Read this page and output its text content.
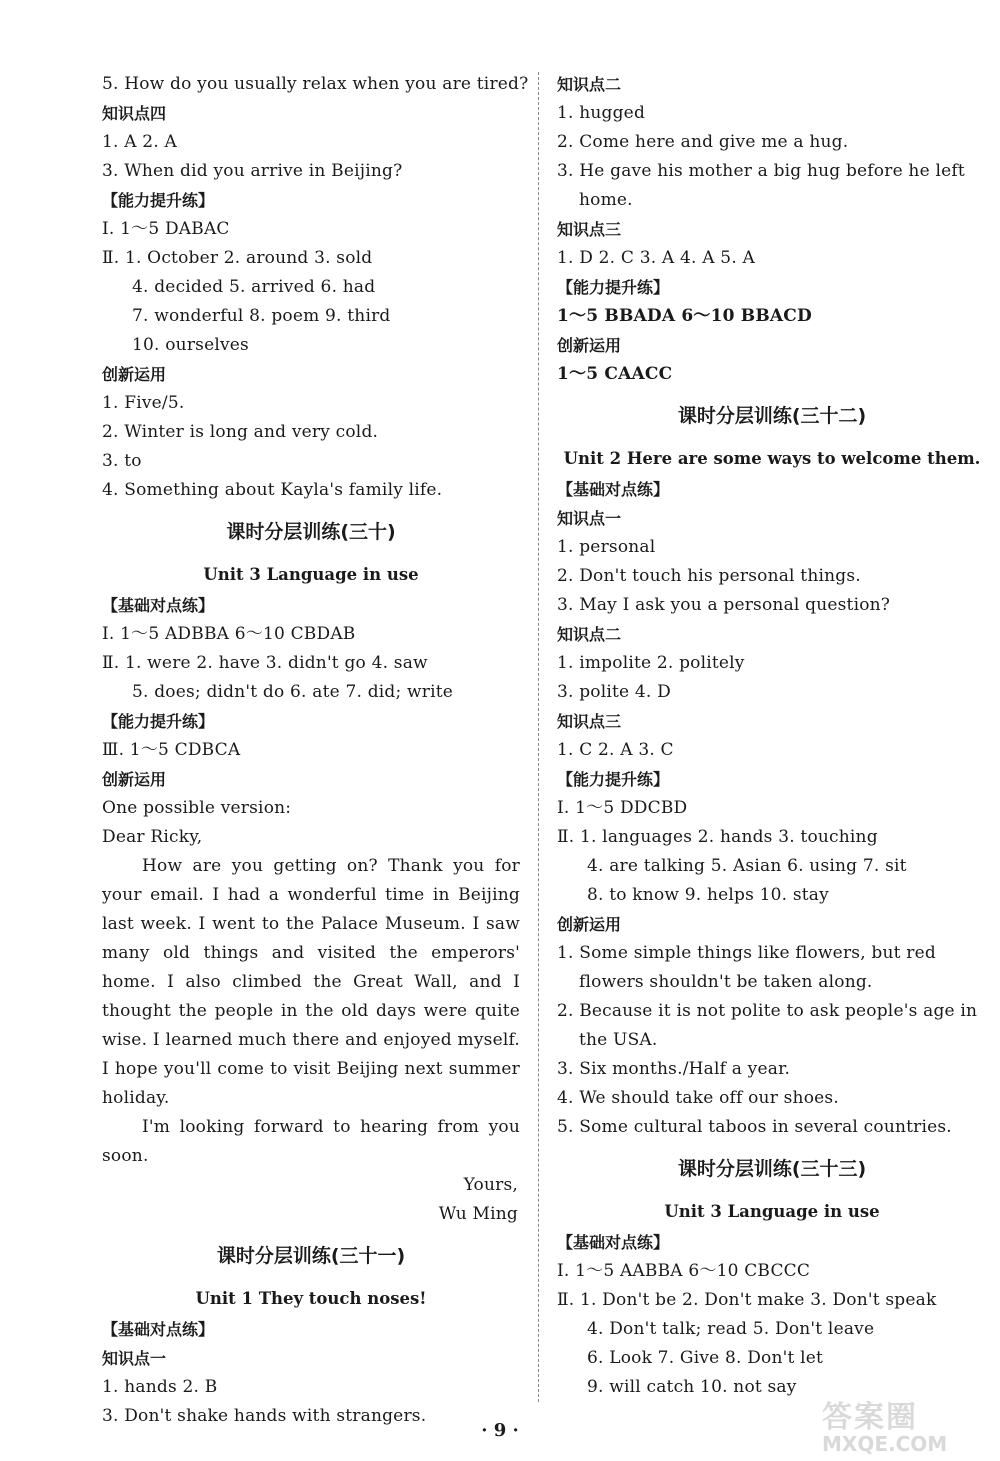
5. How do you usually relax when you are tired?
知识点四
1. A 2. A
3. When did you arrive in Beijing?
【能力提升练】
Ⅰ. 1～5 DABAC
Ⅱ. 1. October 2. around 3. sold
4. decided 5. arrived 6. had
7. wonderful 8. poem 9. third
10. ourselves
创新运用
1. Five/5.
2. Winter is long and very cold.
3. to
4. Something about Kayla's family life.
课时分层训练(三十)
Unit 3 Language in use
【基础对点练】
Ⅰ. 1～5 ADBBA 6～10 CBDAB
Ⅱ. 1. were 2. have 3. didn't go 4. saw
5. does; didn't do 6. ate 7. did; write
【能力提升练】
Ⅲ. 1～5 CDBCA
创新运用
One possible version:
Dear Ricky,
How are you getting on? Thank you for your email. I had a wonderful time in Beijing last week. I went to the Palace Museum. I saw many old things and visited the emperors' home. I also climbed the Great Wall, and I thought the people in the old days were quite wise. I learned much there and enjoyed myself. I hope you'll come to visit Beijing next summer holiday.
I'm looking forward to hearing from you soon.
Yours,
Wu Ming
课时分层训练(三十一)
Unit 1 They touch noses!
【基础对点练】
知识点一
1. hands 2. B
3. Don't shake hands with strangers.
知识点二
1. hugged
2. Come here and give me a hug.
3. He gave his mother a big hug before he left home.
知识点三
1. D 2. C 3. A 4. A 5. A
【能力提升练】
1～5 BBADA 6～10 BBACD
创新运用
1～5 CAACC
课时分层训练(三十二)
Unit 2 Here are some ways to welcome them.
【基础对点练】
知识点一
1. personal
2. Don't touch his personal things.
3. May I ask you a personal question?
知识点二
1. impolite 2. politely
3. polite 4. D
知识点三
1. C 2. A 3. C
【能力提升练】
Ⅰ. 1～5 DDCBD
Ⅱ. 1. languages 2. hands 3. touching
4. are talking 5. Asian 6. using 7. sit
8. to know 9. helps 10. stay
创新运用
1. Some simple things like flowers, but red flowers shouldn't be taken along.
2. Because it is not polite to ask people's age in the USA.
3. Six months./Half a year.
4. We should take off our shoes.
5. Some cultural taboos in several countries.
课时分层训练(三十三)
Unit 3 Language in use
【基础对点练】
Ⅰ. 1～5 AABBA 6～10 CBCCC
Ⅱ. 1. Don't be 2. Don't make 3. Don't speak
4. Don't talk; read 5. Don't leave
6. Look 7. Give 8. Don't let
9. will catch 10. not say
· 9 ·	答案圈
MXQE.COM
